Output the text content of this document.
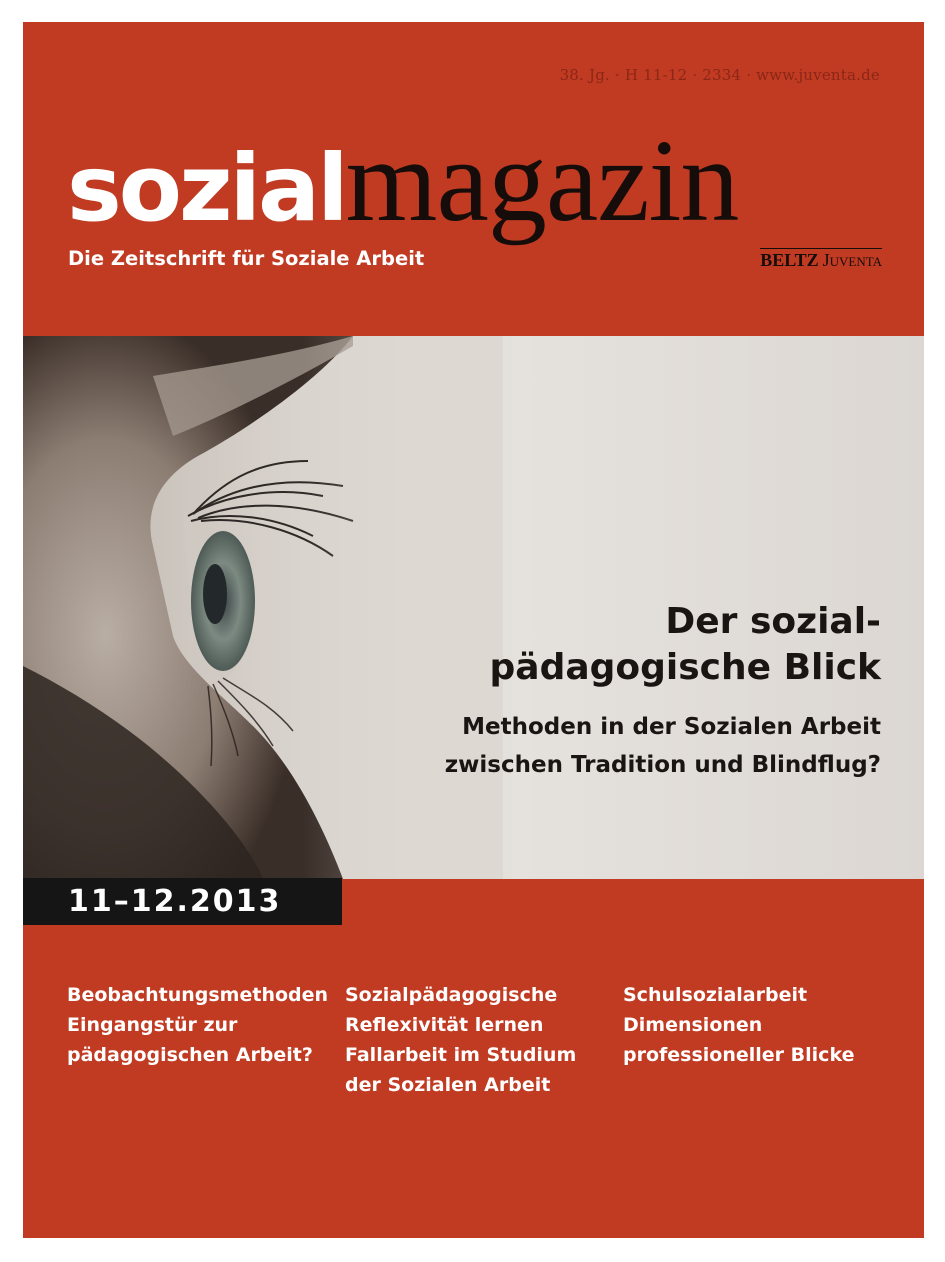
38. Jg. · H 11-12 · 2334 · www.juventa.de
sozialmagazin
Die Zeitschrift für Soziale Arbeit	BELTZ Juventa
Der sozial-
pädagogische Blick
Methoden in der Sozialen Arbeit
zwischen Tradition und Blindflug?
11–12.2013
Beobachtungsmethoden
Eingangstür zur
pädagogischen Arbeit?
Sozialpädagogische
Reflexivität lernen
Fallarbeit im Studium
der Sozialen Arbeit
Schulsozialarbeit
Dimensionen
professioneller Blicke
